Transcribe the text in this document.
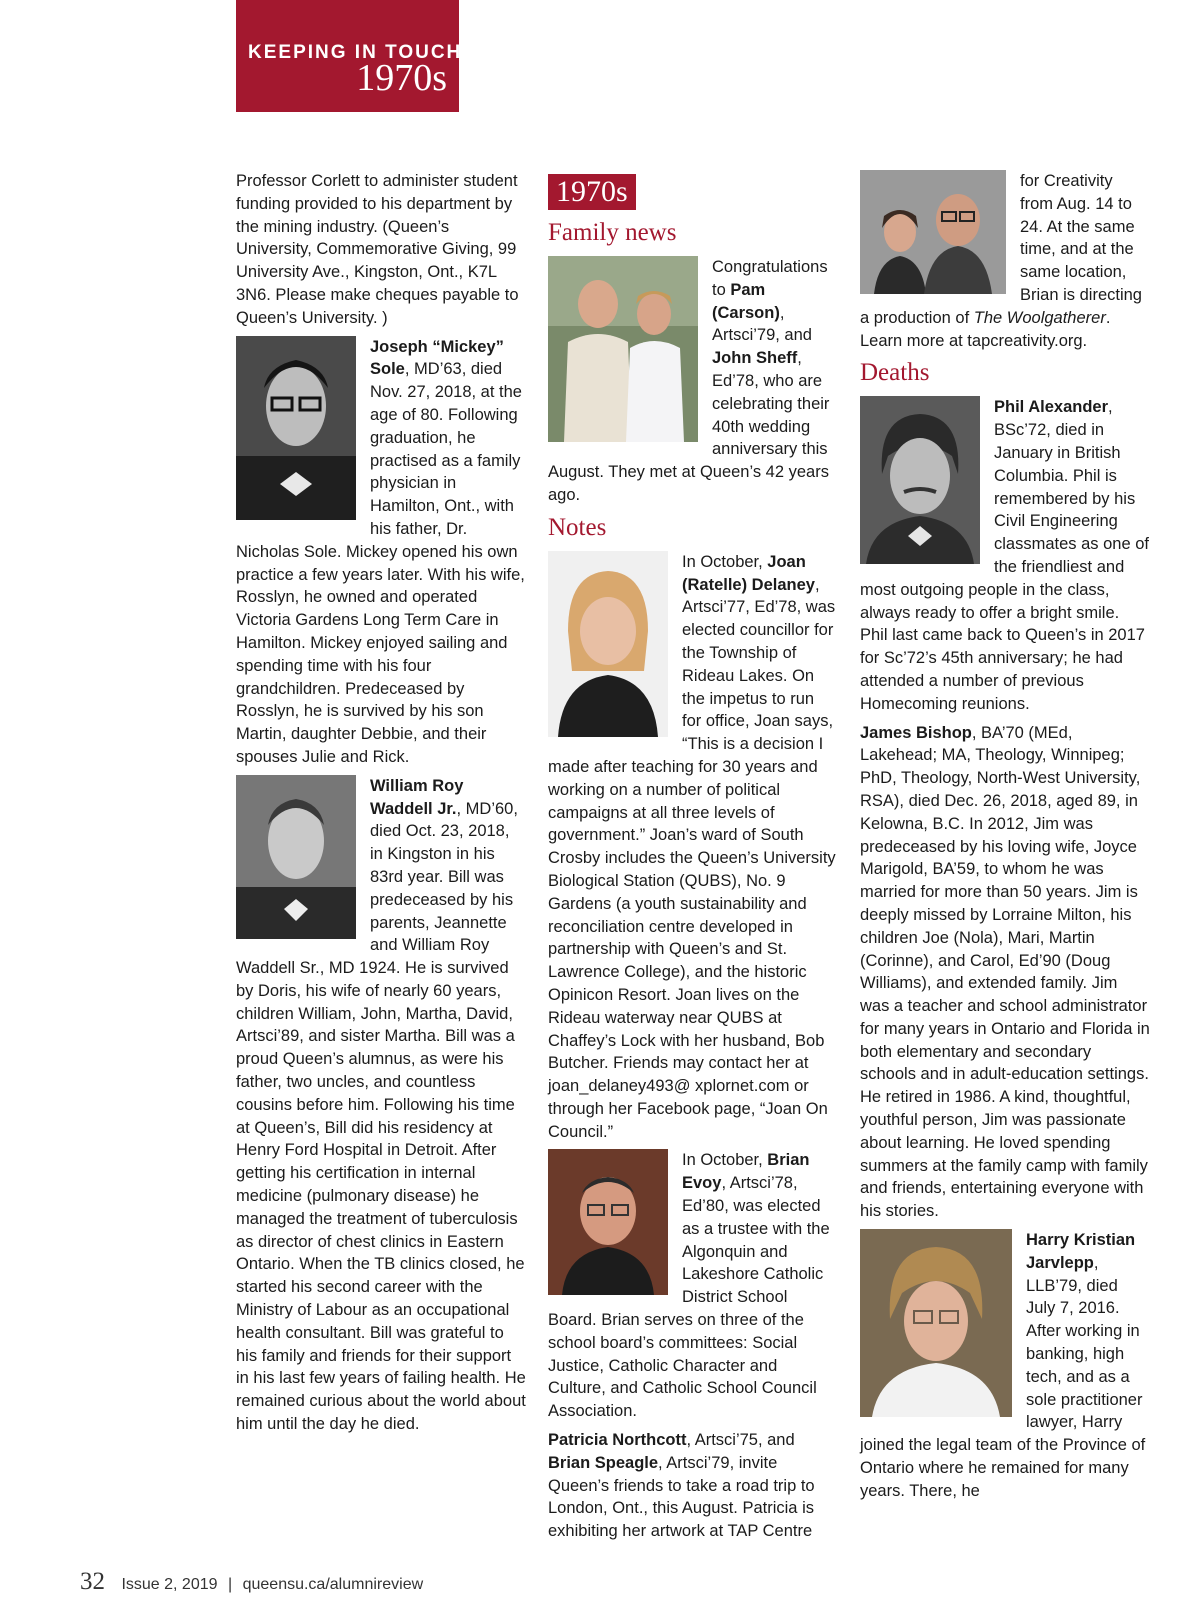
KEEPING IN TOUCH
1970s

Professor Corlett to administer student funding provided to his department by the mining industry. (Queen’s University, Commemorative Giving, 99 University Ave., Kingston, Ont., K7L 3N6. Please make cheques payable to Queen’s University. )

Joseph “Mickey” Sole, MD’63, died Nov. 27, 2018, at the age of 80. Following graduation, he practised as a family physician in Hamilton, Ont., with his father, Dr. Nicholas Sole. Mickey opened his own practice a few years later. With his wife, Rosslyn, he owned and operated Victoria Gardens Long Term Care in Hamilton. Mickey enjoyed sailing and spending time with his four grandchildren. Predeceased by Rosslyn, he is survived by his son Martin, daughter Debbie, and their spouses Julie and Rick.

William Roy Waddell Jr., MD’60, died Oct. 23, 2018, in Kingston in his 83rd year. Bill was predeceased by his parents, Jeannette and William Roy Waddell Sr., MD 1924. He is survived by Doris, his wife of nearly 60 years, children William, John, Martha, David, Artsci’89, and sister Martha. Bill was a proud Queen’s alumnus, as were his father, two uncles, and countless cousins before him. Following his time at Queen’s, Bill did his residency at Henry Ford Hospital in Detroit. After getting his certification in internal medicine (pulmonary disease) he managed the treatment of tuberculosis as director of chest clinics in Eastern Ontario. When the TB clinics closed, he started his second career with the Ministry of Labour as an occupational health consultant. Bill was grateful to his family and friends for their support in his last few years of failing health. He remained curious about the world about him until the day he died.

1970s
Family news

Congratulations to Pam (Carson), Artsci’79, and John Sheff, Ed’78, who are celebrating their 40th wedding anniversary this August. They met at Queen’s 42 years ago.

Notes

In October, Joan (Ratelle) Delaney, Artsci’77, Ed’78, was elected councillor for the Township of Rideau Lakes. On the impetus to run for office, Joan says, “This is a decision I made after teaching for 30 years and working on a number of political campaigns at all three levels of government.” Joan’s ward of South Crosby includes the Queen’s University Biological Station (QUBS), No. 9 Gardens (a youth sustainability and reconciliation centre developed in partnership with Queen’s and St. Lawrence College), and the historic Opinicon Resort. Joan lives on the Rideau waterway near QUBS at Chaffey’s Lock with her husband, Bob Butcher. Friends may contact her at joan_delaney493@ xplornet.com or through her Facebook page, “Joan On Council.”

In October, Brian Evoy, Artsci’78, Ed’80, was elected as a trustee with the Algonquin and Lakeshore Catholic District School Board. Brian serves on three of the school board’s committees: Social Justice, Catholic Character and Culture, and Catholic School Council Association.

Patricia Northcott, Artsci’75, and Brian Speagle, Artsci’79, invite Queen’s friends to take a road trip to London, Ont., this August. Patricia is exhibiting her artwork at TAP Centre

for Creativity from Aug. 14 to 24. At the same time, and at the same location, Brian is directing a production of The Woolgatherer. Learn more at tapcreativity.org.

Deaths

Phil Alexander, BSc’72, died in January in British Columbia. Phil is remembered by his Civil Engineering classmates as one of the friendliest and most outgoing people in the class, always ready to offer a bright smile. Phil last came back to Queen’s in 2017 for Sc’72’s 45th anniversary; he had attended a number of previous Homecoming reunions.

James Bishop, BA’70 (MEd, Lakehead; MA, Theology, Winnipeg; PhD, Theology, North-West University, RSA), died Dec. 26, 2018, aged 89, in Kelowna, B.C. In 2012, Jim was predeceased by his loving wife, Joyce Marigold, BA’59, to whom he was married for more than 50 years. Jim is deeply missed by Lorraine Milton, his children Joe (Nola), Mari, Martin (Corinne), and Carol, Ed’90 (Doug Williams), and extended family. Jim was a teacher and school administrator for many years in Ontario and Florida in both elementary and secondary schools and in adult-education settings. He retired in 1986. A kind, thoughtful, youthful person, Jim was passionate about learning. He loved spending summers at the family camp with family and friends, entertaining everyone with his stories.

Harry Kristian Jarvlepp, LLB’79, died July 7, 2016. After working in banking, high tech, and as a sole practitioner lawyer, Harry joined the legal team of the Province of Ontario where he remained for many years. There, he

32 Issue 2, 2019 | queensu.ca/alumnireview
